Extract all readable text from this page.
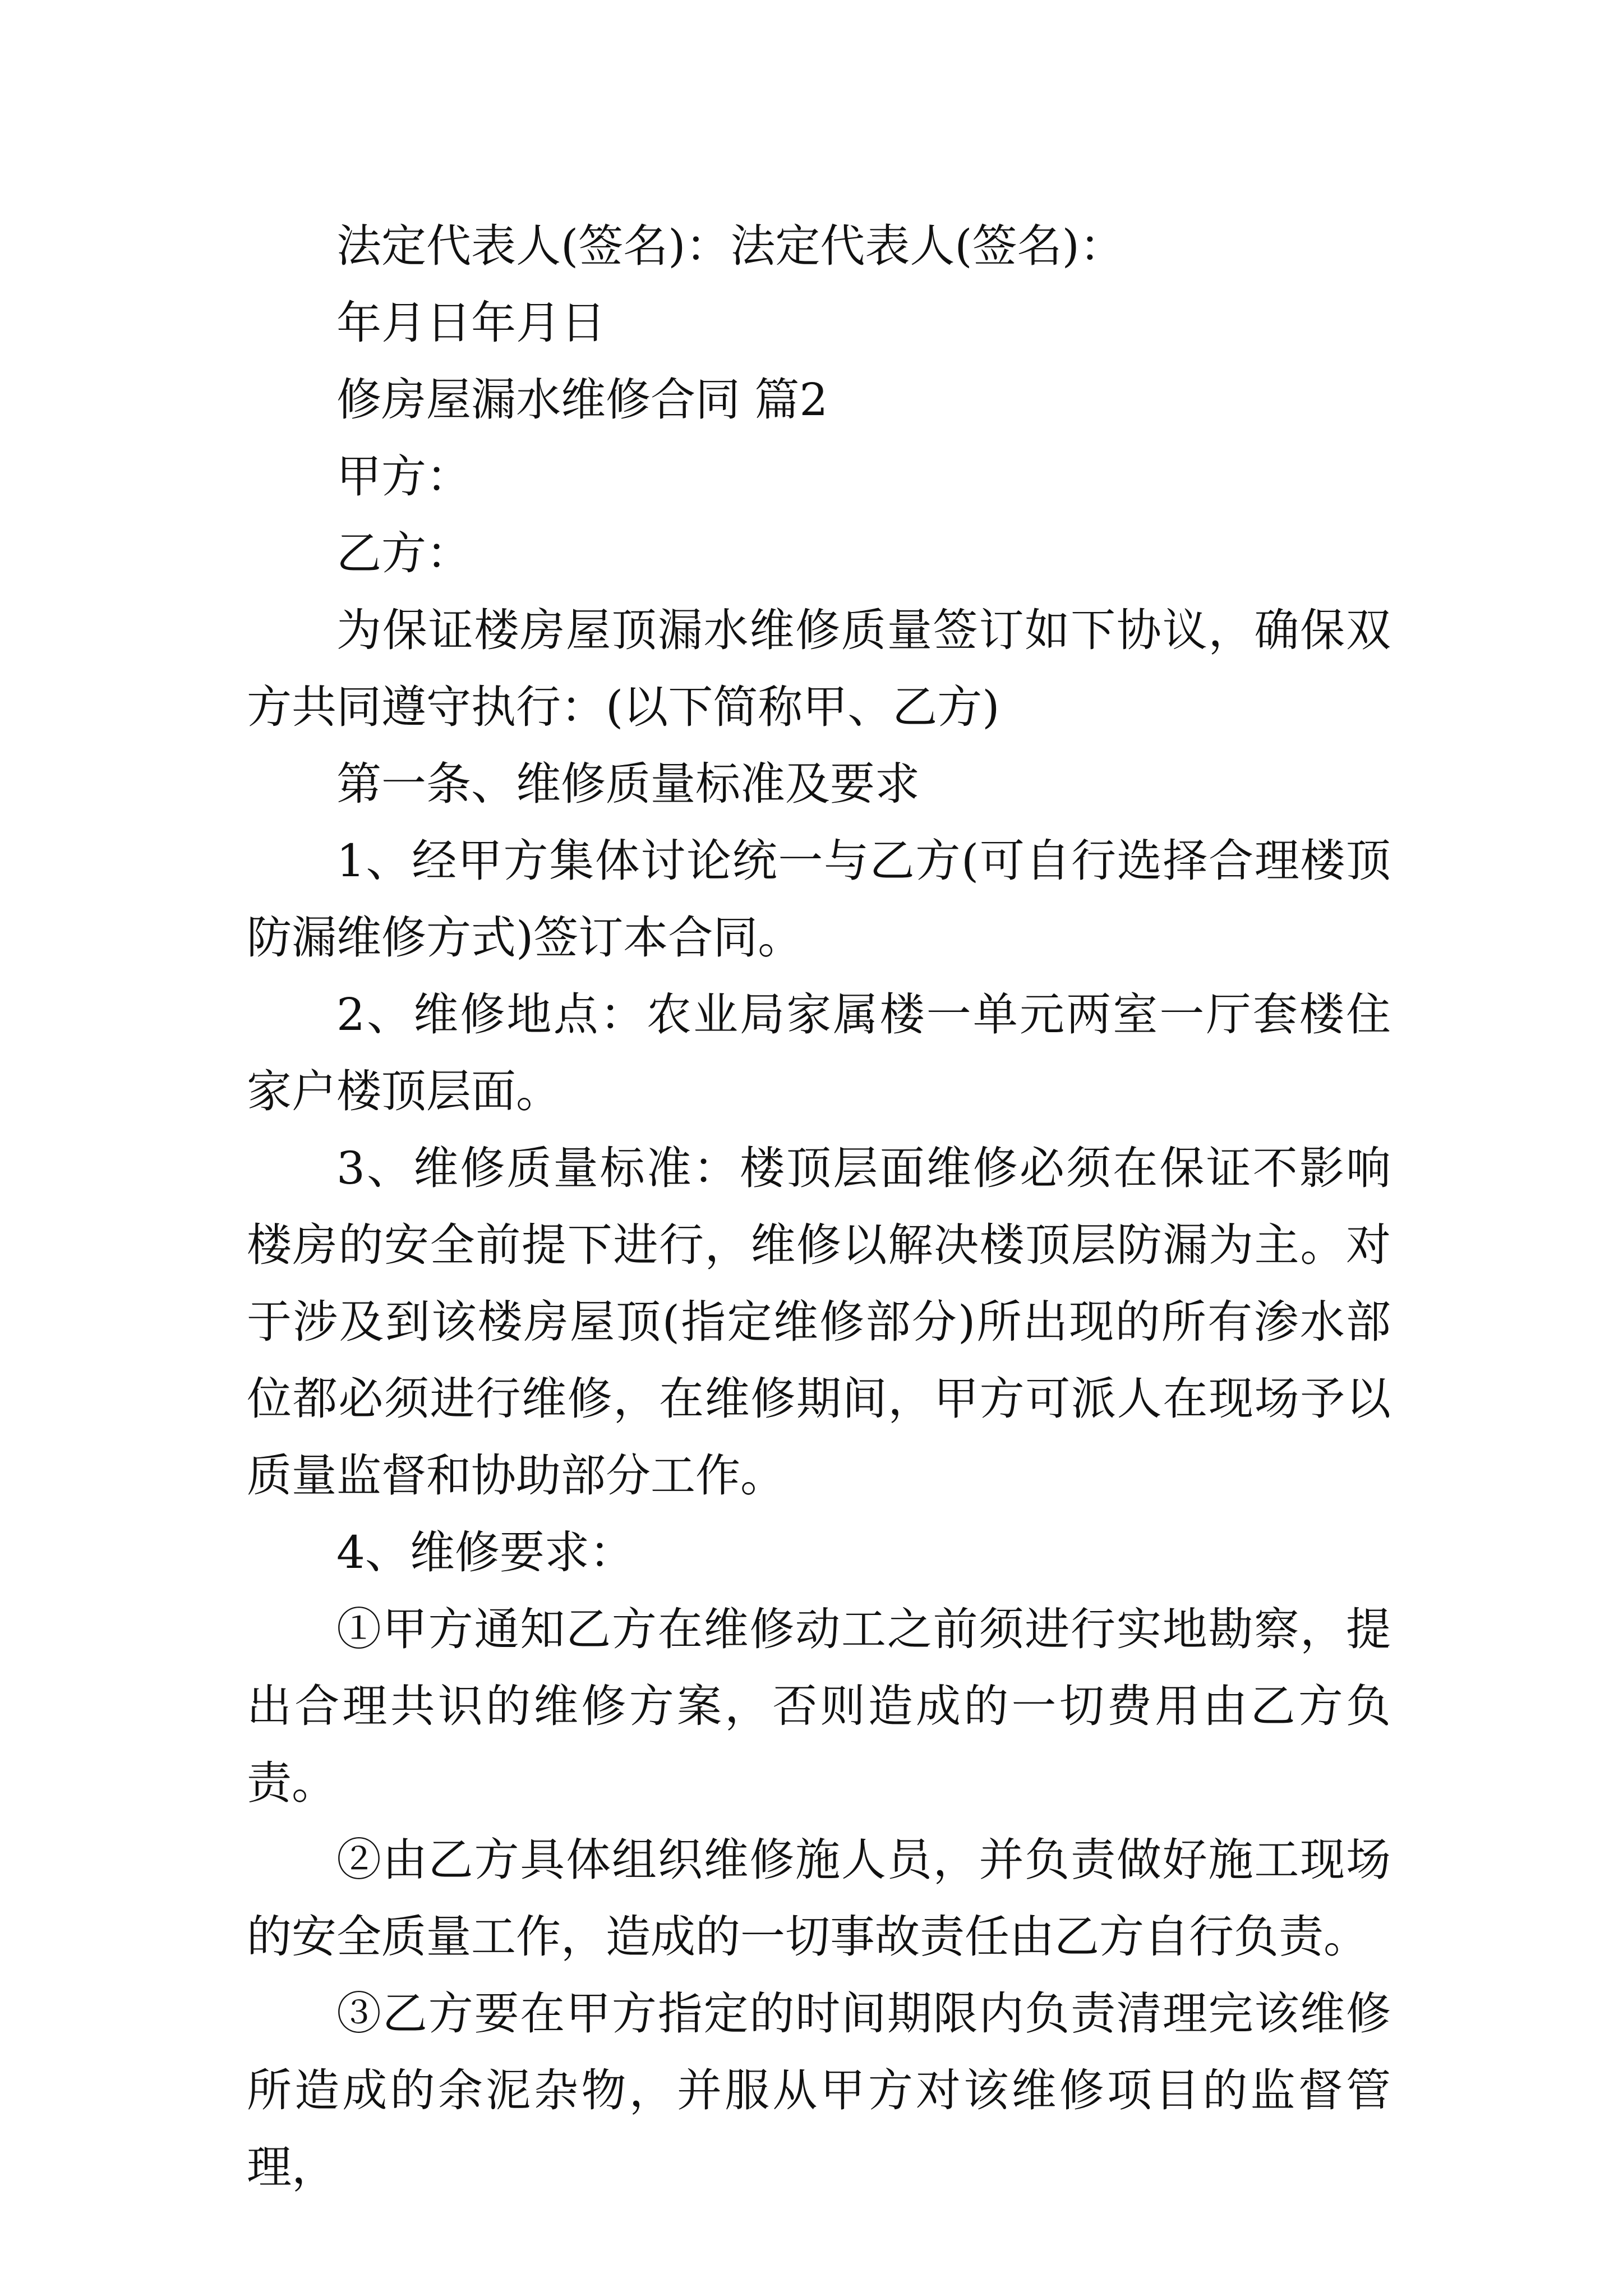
法定代表人(签名)：法定代表人(签名)：

年月日年月日

修房屋漏水维修合同 篇2

甲方：

乙方：

为保证楼房屋顶漏水维修质量签订如下协议，确保双方共同遵守执行：(以下简称甲、乙方)

第一条、维修质量标准及要求

1、经甲方集体讨论统一与乙方(可自行选择合理楼顶防漏维修方式)签订本合同。

2、维修地点：农业局家属楼一单元两室一厅套楼住家户楼顶层面。

3、维修质量标准：楼顶层面维修必须在保证不影响楼房的安全前提下进行，维修以解决楼顶层防漏为主。对于涉及到该楼房屋顶(指定维修部分)所出现的所有渗水部位都必须进行维修，在维修期间，甲方可派人在现场予以质量监督和协助部分工作。

4、维修要求：

①甲方通知乙方在维修动工之前须进行实地勘察，提出合理共识的维修方案，否则造成的一切费用由乙方负责。

②由乙方具体组织维修施人员，并负责做好施工现场的安全质量工作，造成的一切事故责任由乙方自行负责。

③乙方要在甲方指定的时间期限内负责清理完该维修所造成的余泥杂物，并服从甲方对该维修项目的监督管理，
